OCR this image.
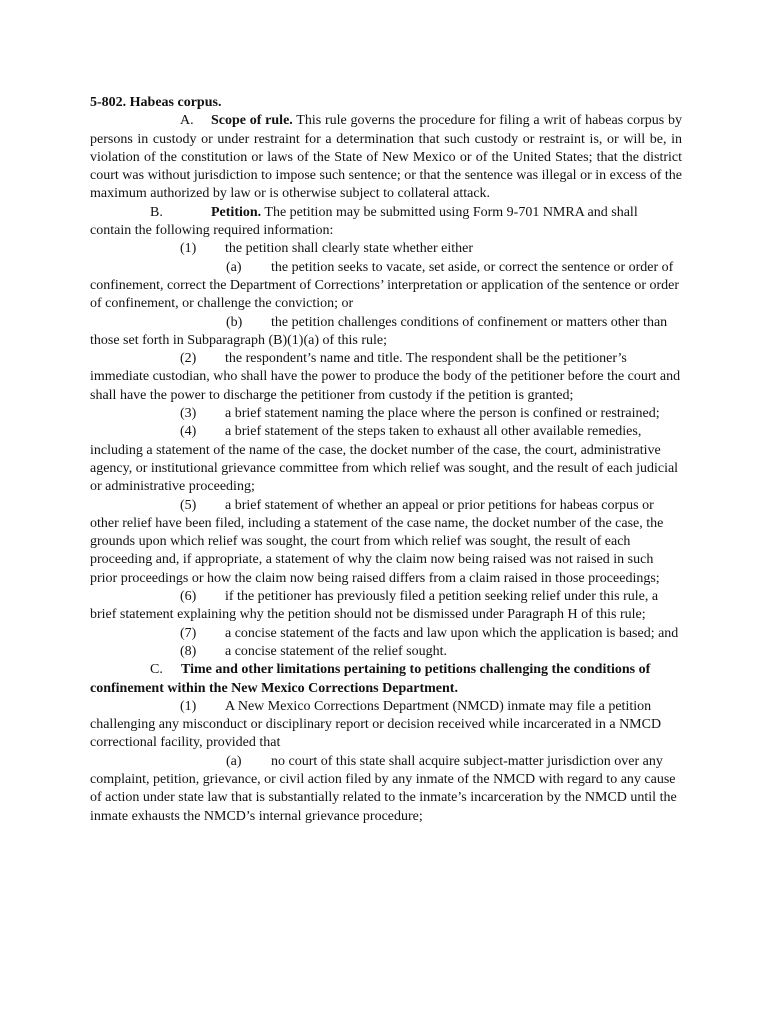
5-802. Habeas corpus.

A. Scope of rule. This rule governs the procedure for filing a writ of habeas corpus by persons in custody or under restraint for a determination that such custody or restraint is, or will be, in violation of the constitution or laws of the State of New Mexico or of the United States; that the district court was without jurisdiction to impose such sentence; or that the sentence was illegal or in excess of the maximum authorized by law or is otherwise subject to collateral attack.

B.	Petition. The petition may be submitted using Form 9-701 NMRA and shall contain the following required information:

(1) the petition shall clearly state whether either

(a) the petition seeks to vacate, set aside, or correct the sentence or order of confinement, correct the Department of Corrections’ interpretation or application of the sentence or order of confinement, or challenge the conviction; or

(b) the petition challenges conditions of confinement or matters other than those set forth in Subparagraph (B)(1)(a) of this rule;

(2) the respondent’s name and title. The respondent shall be the petitioner’s immediate custodian, who shall have the power to produce the body of the petitioner before the court and shall have the power to discharge the petitioner from custody if the petition is granted;

(3) a brief statement naming the place where the person is confined or restrained;

(4) a brief statement of the steps taken to exhaust all other available remedies, including a statement of the name of the case, the docket number of the case, the court, administrative agency, or institutional grievance committee from which relief was sought, and the result of each judicial or administrative proceeding;

(5) a brief statement of whether an appeal or prior petitions for habeas corpus or other relief have been filed, including a statement of the case name, the docket number of the case, the grounds upon which relief was sought, the court from which relief was sought, the result of each proceeding and, if appropriate, a statement of why the claim now being raised was not raised in such prior proceedings or how the claim now being raised differs from a claim raised in those proceedings;

(6) if the petitioner has previously filed a petition seeking relief under this rule, a brief statement explaining why the petition should not be dismissed under Paragraph H of this rule;

(7) a concise statement of the facts and law upon which the application is based; and

(8) a concise statement of the relief sought.

C. Time and other limitations pertaining to petitions challenging the conditions of confinement within the New Mexico Corrections Department.

(1) A New Mexico Corrections Department (NMCD) inmate may file a petition challenging any misconduct or disciplinary report or decision received while incarcerated in a NMCD correctional facility, provided that

(a) no court of this state shall acquire subject-matter jurisdiction over any complaint, petition, grievance, or civil action filed by any inmate of the NMCD with regard to any cause of action under state law that is substantially related to the inmate’s incarceration by the NMCD until the inmate exhausts the NMCD’s internal grievance procedure;
